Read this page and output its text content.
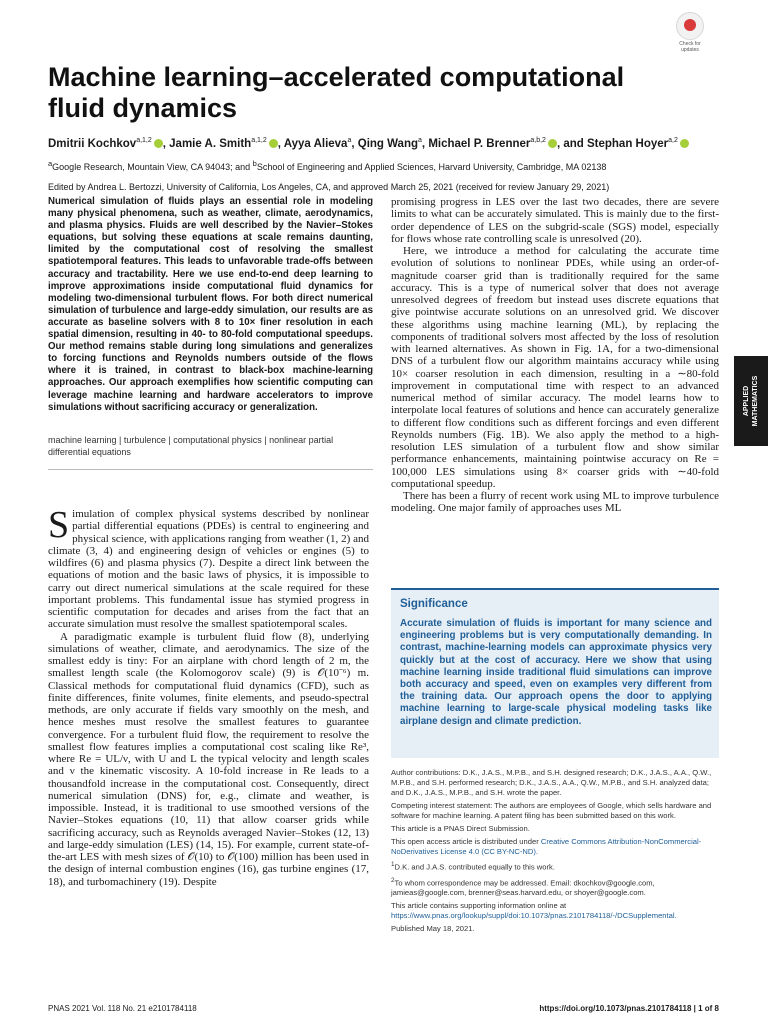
Check for updates
Machine learning–accelerated computational fluid dynamics
Dmitrii Kochkov$^{a,1,2}$ , Jamie A. Smith$^{a,1,2}$ , Ayya Alieva$^a$, Qing Wang$^a$, Michael P. Brenner$^{a,b,2}$ , and Stephan Hoyer$^{a,2}$
$^a$Google Research, Mountain View, CA 94043; and $^b$School of Engineering and Applied Sciences, Harvard University, Cambridge, MA 02138
Edited by Andrea L. Bertozzi, University of California, Los Angeles, CA, and approved March 25, 2021 (received for review January 29, 2021)
Numerical simulation of fluids plays an essential role in modeling many physical phenomena, such as weather, climate, aerodynamics, and plasma physics. Fluids are well described by the Navier–Stokes equations, but solving these equations at scale remains daunting, limited by the computational cost of resolving the smallest spatiotemporal features. This leads to unfavorable trade-offs between accuracy and tractability. Here we use end-to-end deep learning to improve approximations inside computational fluid dynamics for modeling two-dimensional turbulent flows. For both direct numerical simulation of turbulence and large-eddy simulation, our results are as accurate as baseline solvers with 8 to 10× finer resolution in each spatial dimension, resulting in 40- to 80-fold computational speedups. Our method remains stable during long simulations and generalizes to forcing functions and Reynolds numbers outside of the flows where it is trained, in contrast to black-box machine-learning approaches. Our approach exemplifies how scientific computing can leverage machine learning and hardware accelerators to improve simulations without sacrificing accuracy or generalization.
machine learning | turbulence | computational physics | nonlinear partial differential equations

Simulation of complex physical systems described by nonlinear partial differential equations (PDEs) is central to engineering and physical science, with applications ranging from weather (1, 2) and climate (3, 4) and engineering design of vehicles or engines (5) to wildfires (6) and plasma physics (7). Despite a direct link between the equations of motion and the basic laws of physics, it is impossible to carry out direct numerical simulations at the scale required for these important problems. This fundamental issue has stymied progress in scientific computation for decades and arises from the fact that an accurate simulation must resolve the smallest spatiotemporal scales.

A paradigmatic example is turbulent fluid flow (8), underlying simulations of weather, climate, and aerodynamics. The size of the smallest eddy is tiny: For an airplane with chord length of 2 m, the smallest length scale (the Kolomogorov scale) (9) is 𝒪(10⁻⁶) m. Classical methods for computational fluid dynamics (CFD), such as finite differences, finite volumes, finite elements, and pseudo-spectral methods, are only accurate if fields vary smoothly on the mesh, and hence meshes must resolve the smallest features to guarantee convergence. For a turbulent fluid flow, the requirement to resolve the smallest flow features implies a computational cost scaling like Re³, where Re = UL/ν, with U and L the typical velocity and length scales and ν the kinematic viscosity. A 10-fold increase in Re leads to a thousandfold increase in the computational cost. Consequently, direct numerical simulation (DNS) for, e.g., climate and weather, is impossible. Instead, it is traditional to use smoothed versions of the Navier–Stokes equations (10, 11) that allow coarser grids while sacrificing accuracy, such as Reynolds averaged Navier–Stokes (12, 13) and large-eddy simulation (LES) (14, 15). For example, current state-of-the-art LES with mesh sizes of 𝒪(10) to 𝒪(100) million has been used in the design of internal combustion engines (16), gas turbine engines (17, 18), and turbomachinery (19). Despite

promising progress in LES over the last two decades, there are severe limits to what can be accurately simulated. This is mainly due to the first-order dependence of LES on the subgrid-scale (SGS) model, especially for flows whose rate controlling scale is unresolved (20).

Here, we introduce a method for calculating the accurate time evolution of solutions to nonlinear PDEs, while using an order-of-magnitude coarser grid than is traditionally required for the same accuracy. This is a type of numerical solver that does not average unresolved degrees of freedom but instead uses discrete equations that give pointwise accurate solutions on an unresolved grid. We discover these algorithms using machine learning (ML), by replacing the components of traditional solvers most affected by the loss of resolution with learned alternatives. As shown in Fig. 1A, for a two-dimensional DNS of a turbulent flow our algorithm maintains accuracy while using 10× coarser resolution in each dimension, resulting in a ∼80-fold improvement in computational time with respect to an advanced numerical method of similar accuracy. The model learns how to interpolate local features of solutions and hence can accurately generalize to different flow conditions such as different forcings and even different Reynolds numbers (Fig. 1B). We also apply the method to a high-resolution LES simulation of a turbulent flow and show similar performance enhancements, maintaining pointwise accuracy on Re = 100,000 LES simulations using 8× coarser grids with ∼40-fold computational speedup.

There has been a flurry of recent work using ML to improve turbulence modeling. One major family of approaches uses ML

APPLIED MATHEMATICS
Significance
Accurate simulation of fluids is important for many science and engineering problems but is very computationally demanding. In contrast, machine-learning models can approximate physics very quickly but at the cost of accuracy. Here we show that using machine learning inside traditional fluid simulations can improve both accuracy and speed, even on examples very different from the training data. Our approach opens the door to applying machine learning to large-scale physical modeling tasks like airplane design and climate prediction.

Author contributions: D.K., J.A.S., M.P.B., and S.H. designed research; D.K., J.A.S., A.A., Q.W., M.P.B., and S.H. performed research; D.K., J.A.S., A.A., Q.W., M.P.B., and S.H. analyzed data; and D.K., J.A.S., M.P.B., and S.H. wrote the paper.

Competing interest statement: The authors are employees of Google, which sells hardware and software for machine learning. A patent filing has been submitted based on this work.

This article is a PNAS Direct Submission.

This open access article is distributed under Creative Commons Attribution-NonCommercial-NoDerivatives License 4.0 (CC BY-NC-ND).

$^1$D.K. and J.A.S. contributed equally to this work.

$^2$To whom correspondence may be addressed. Email: dkochkov@google.com, jamieas@google.com, brenner@seas.harvard.edu, or shoyer@google.com.

This article contains supporting information online at https://www.pnas.org/lookup/suppl/doi:10.1073/pnas.2101784118/-/DCSupplemental.

Published May 18, 2021.

PNAS 2021 Vol. 118 No. 21 e2101784118	https://doi.org/10.1073/pnas.2101784118 | 1 of 8
